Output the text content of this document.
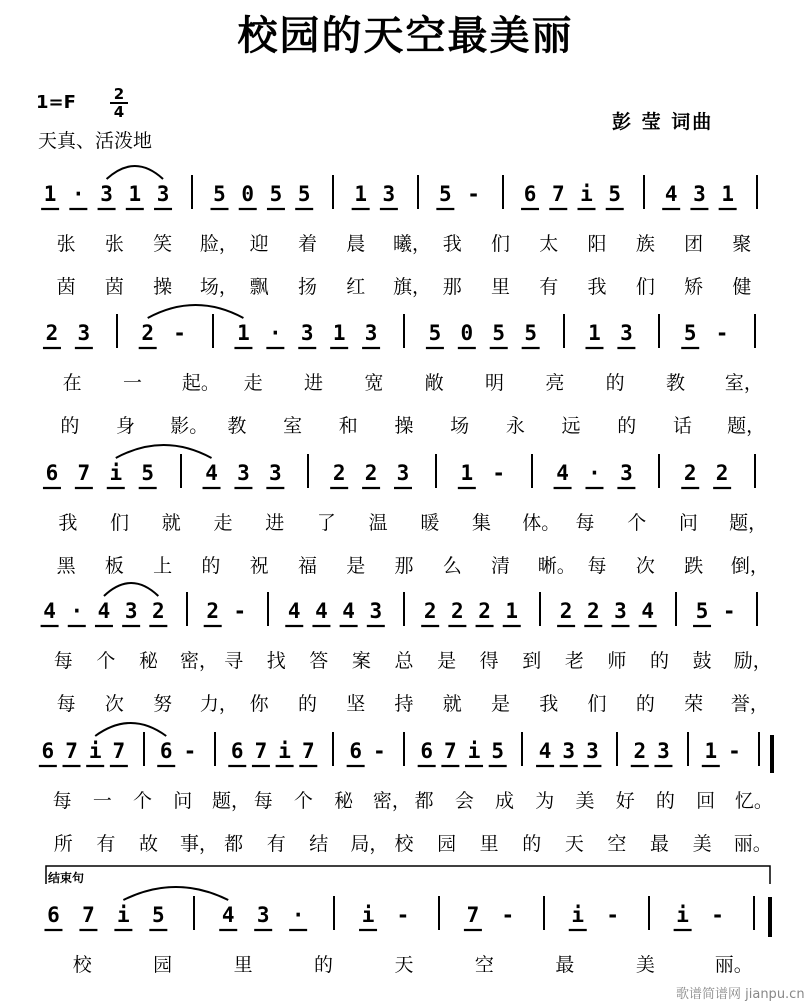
校园的天空最美丽
$1=F \frac{2}{4}$
天真、活泼地
彭 莹 词曲
结束句
1 · 3 1 3 5 0 5 5 1 3 5 - 6 7 i 5 4 3 1
张 张 笑 脸， 迎 着 晨 曦， 我 们 太 阳 族 团 聚
茵 茵 操 场， 飘 扬 红 旗， 那 里 有 我 们 矫 健
2 3 2 - 1 · 3 1 3 5 0 5 5 1 3 5 -
在 一 起。 走 进 宽 敞 明 亮 的 教 室，
的 身 影。 教 室 和 操 场 永 远 的 话 题，
6 7 i 5 4 3 3 2 2 3 1 - 4 · 3 2 2
我 们 就 走 进 了 温 暖 集 体。 每 个 问 题，
黑 板 上 的 祝 福 是 那 么 清 晰。 每 次 跌 倒，
4 · 4 3 2 2 - 4 4 4 3 2 2 2 1 2 2 3 4 5 -
每 个 秘 密， 寻 找 答 案 总 是 得 到 老 师 的 鼓 励，
每 次 努 力， 你 的 坚 持 就 是 我 们 的 荣 誉，
6 7 i 7 6 - 6 7 i 7 6 - 6 7 i 5 4 3 3 2 3 1 -
每 一 个 问 题， 每 个 秘 密， 都 会 成 为 美 好 的 回 忆。
所 有 故 事， 都 有 结 局， 校 园 里 的 天 空 最 美 丽。
6 7 i 5	4 3 ·	i -	7 -	i -	i -
校	园	里	的	天	空	最	美	丽。
歌谱简谱网 jianpu.cn
